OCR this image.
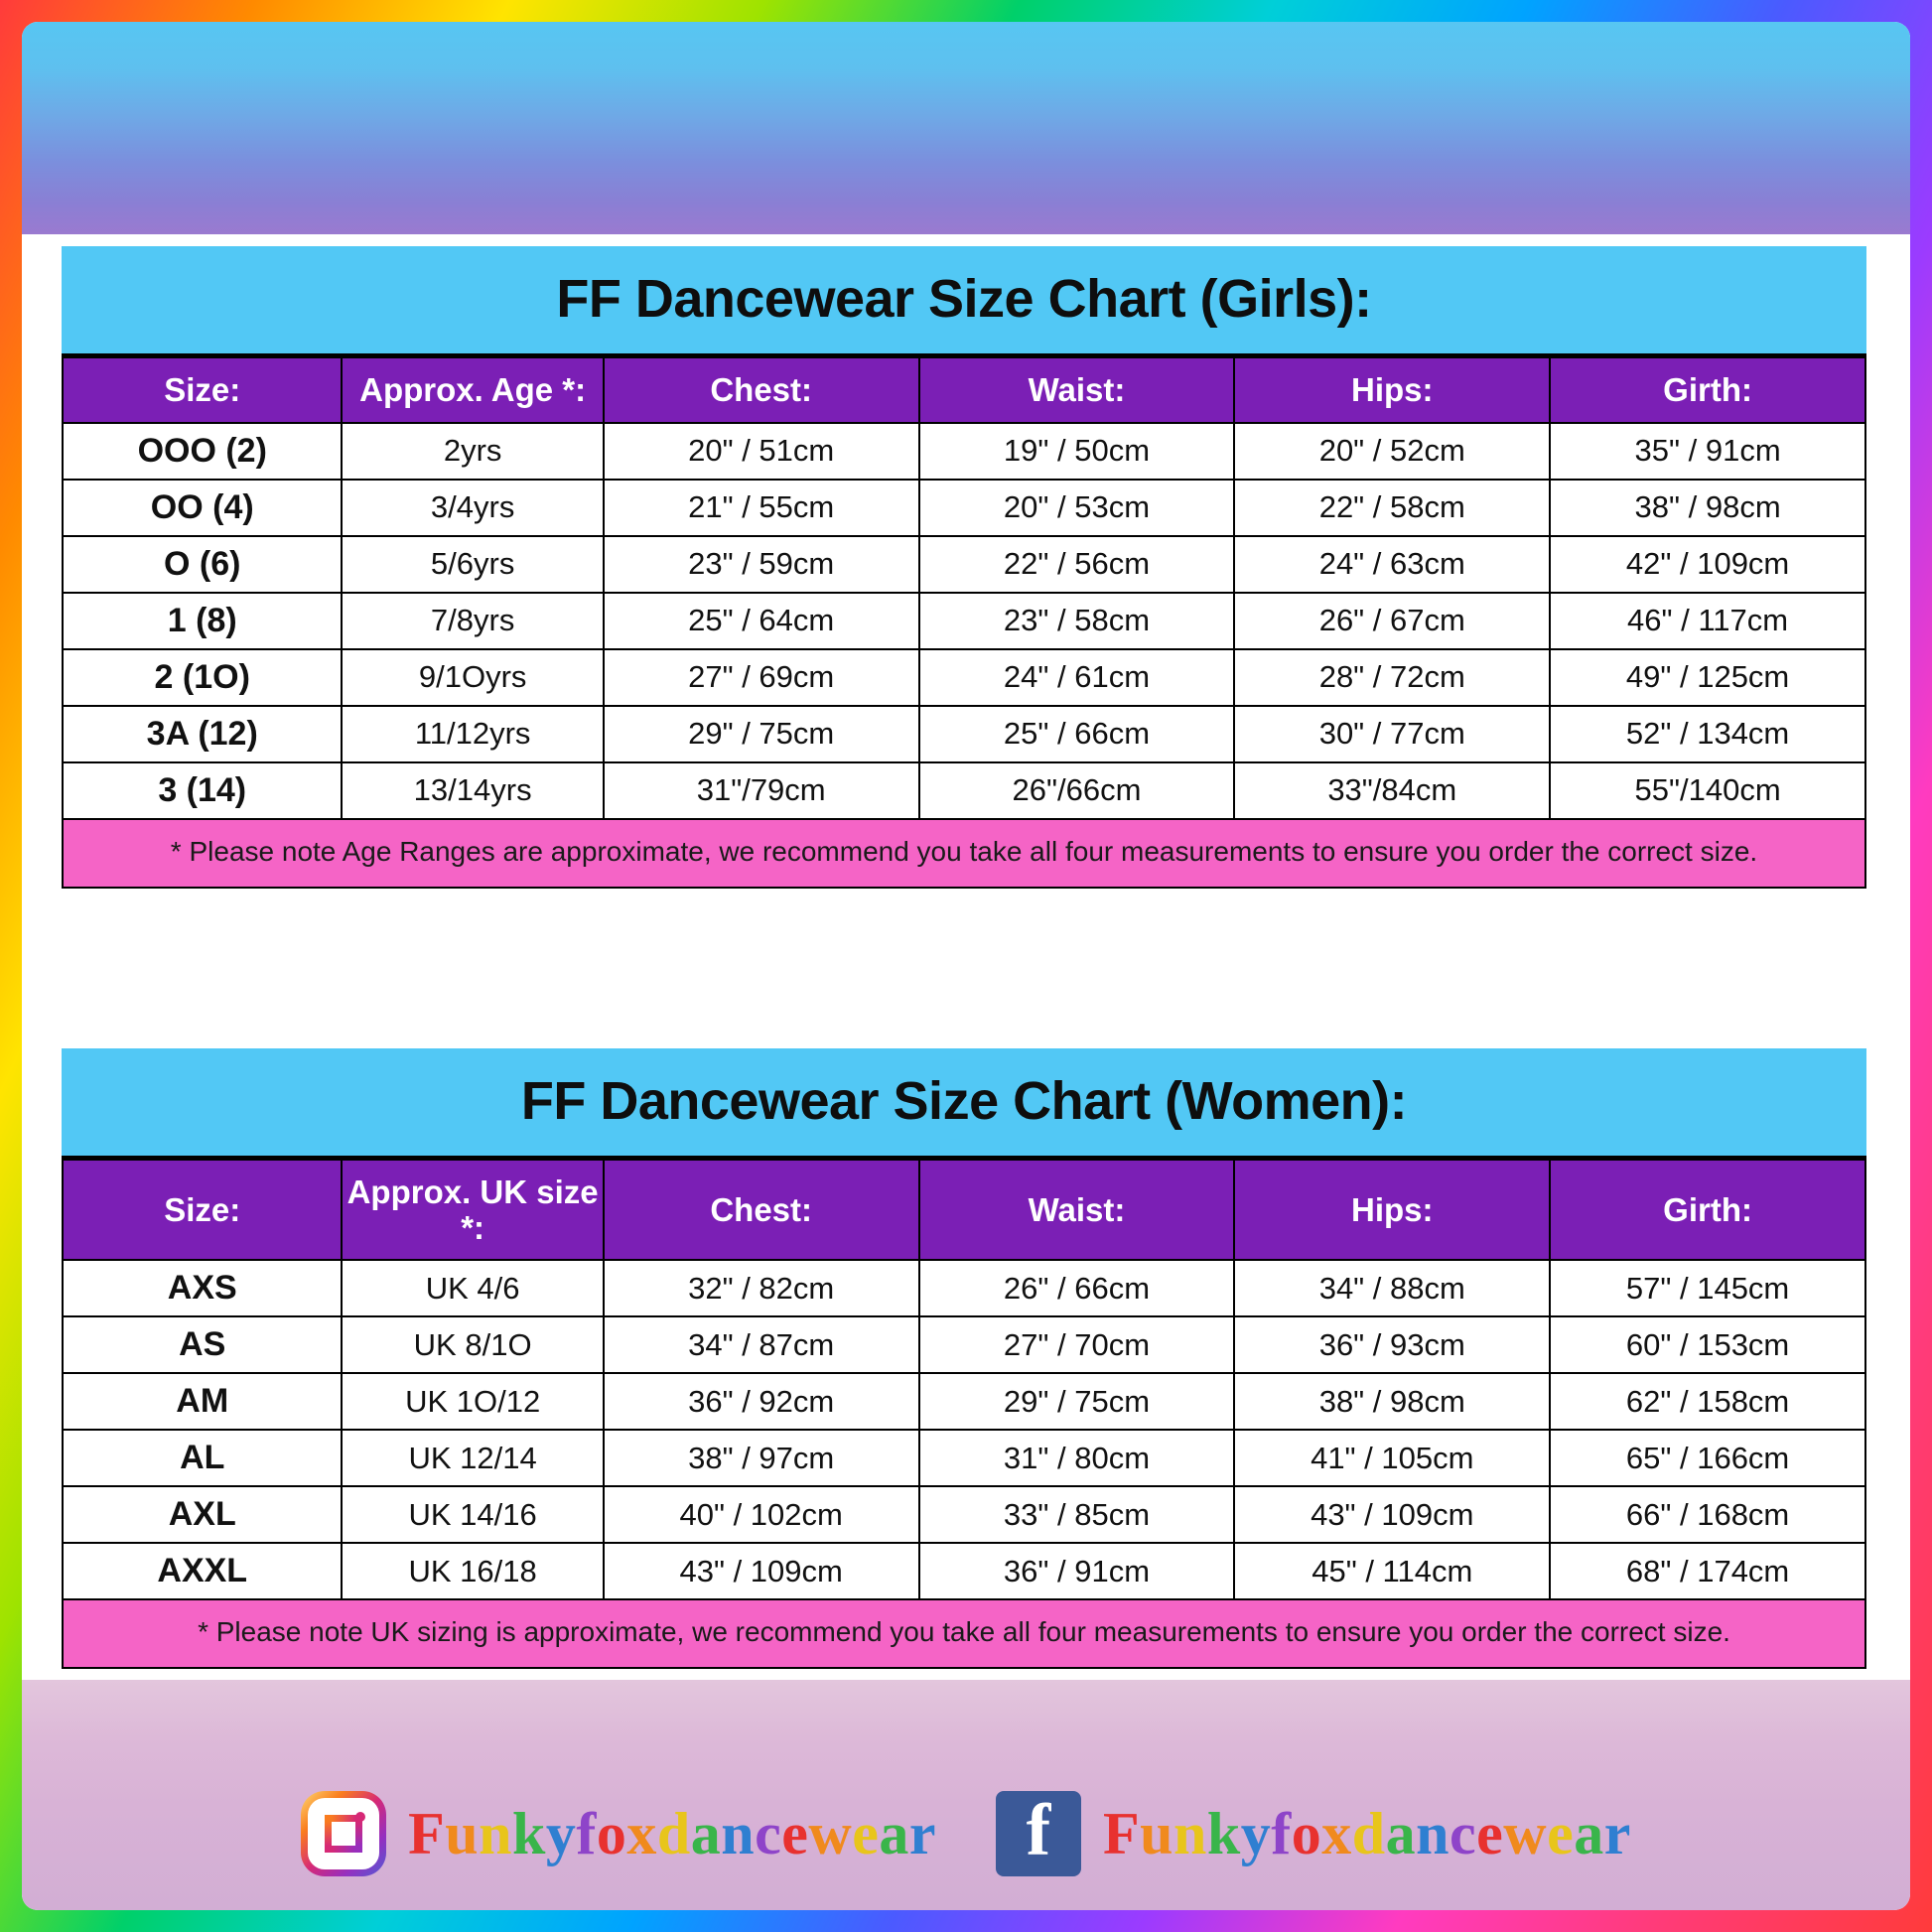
FF Dancewear Size Chart (Girls):
Size:	Approx. Age *:	Chest:	Waist:	Hips:	Girth:
OOO (2)	2yrs	20" / 51cm	19" / 50cm	20" / 52cm	35" / 91cm
OO (4)	3/4yrs	21" / 55cm	20" / 53cm	22" / 58cm	38" / 98cm
O (6)	5/6yrs	23" / 59cm	22" / 56cm	24" / 63cm	42" / 109cm
1 (8)	7/8yrs	25" / 64cm	23" / 58cm	26" / 67cm	46" / 117cm
2 (1O)	9/1Oyrs	27" / 69cm	24" / 61cm	28" / 72cm	49" / 125cm
3A (12)	11/12yrs	29" / 75cm	25" / 66cm	30" / 77cm	52" / 134cm
3 (14)	13/14yrs	31"/79cm	26"/66cm	33"/84cm	55"/140cm
* Please note Age Ranges are approximate, we recommend you take all four measurements to ensure you order the correct size.
FF Dancewear Size Chart (Women):
Size:	Approx. UK size *:	Chest:	Waist:	Hips:	Girth:
AXS	UK 4/6	32" / 82cm	26" / 66cm	34" / 88cm	57" / 145cm
AS	UK 8/1O	34" / 87cm	27" / 70cm	36" / 93cm	60" / 153cm
AM	UK 1O/12	36" / 92cm	29" / 75cm	38" / 98cm	62" / 158cm
AL	UK 12/14	38" / 97cm	31" / 80cm	41" / 105cm	65" / 166cm
AXL	UK 14/16	40" / 102cm	33" / 85cm	43" / 109cm	66" / 168cm
AXXL	UK 16/18	43" / 109cm	36" / 91cm	45" / 114cm	68" / 174cm
* Please note UK sizing is approximate, we recommend you take all four measurements to ensure you order the correct size.
Funkyfoxdancewear	f Funkyfoxdancewear
